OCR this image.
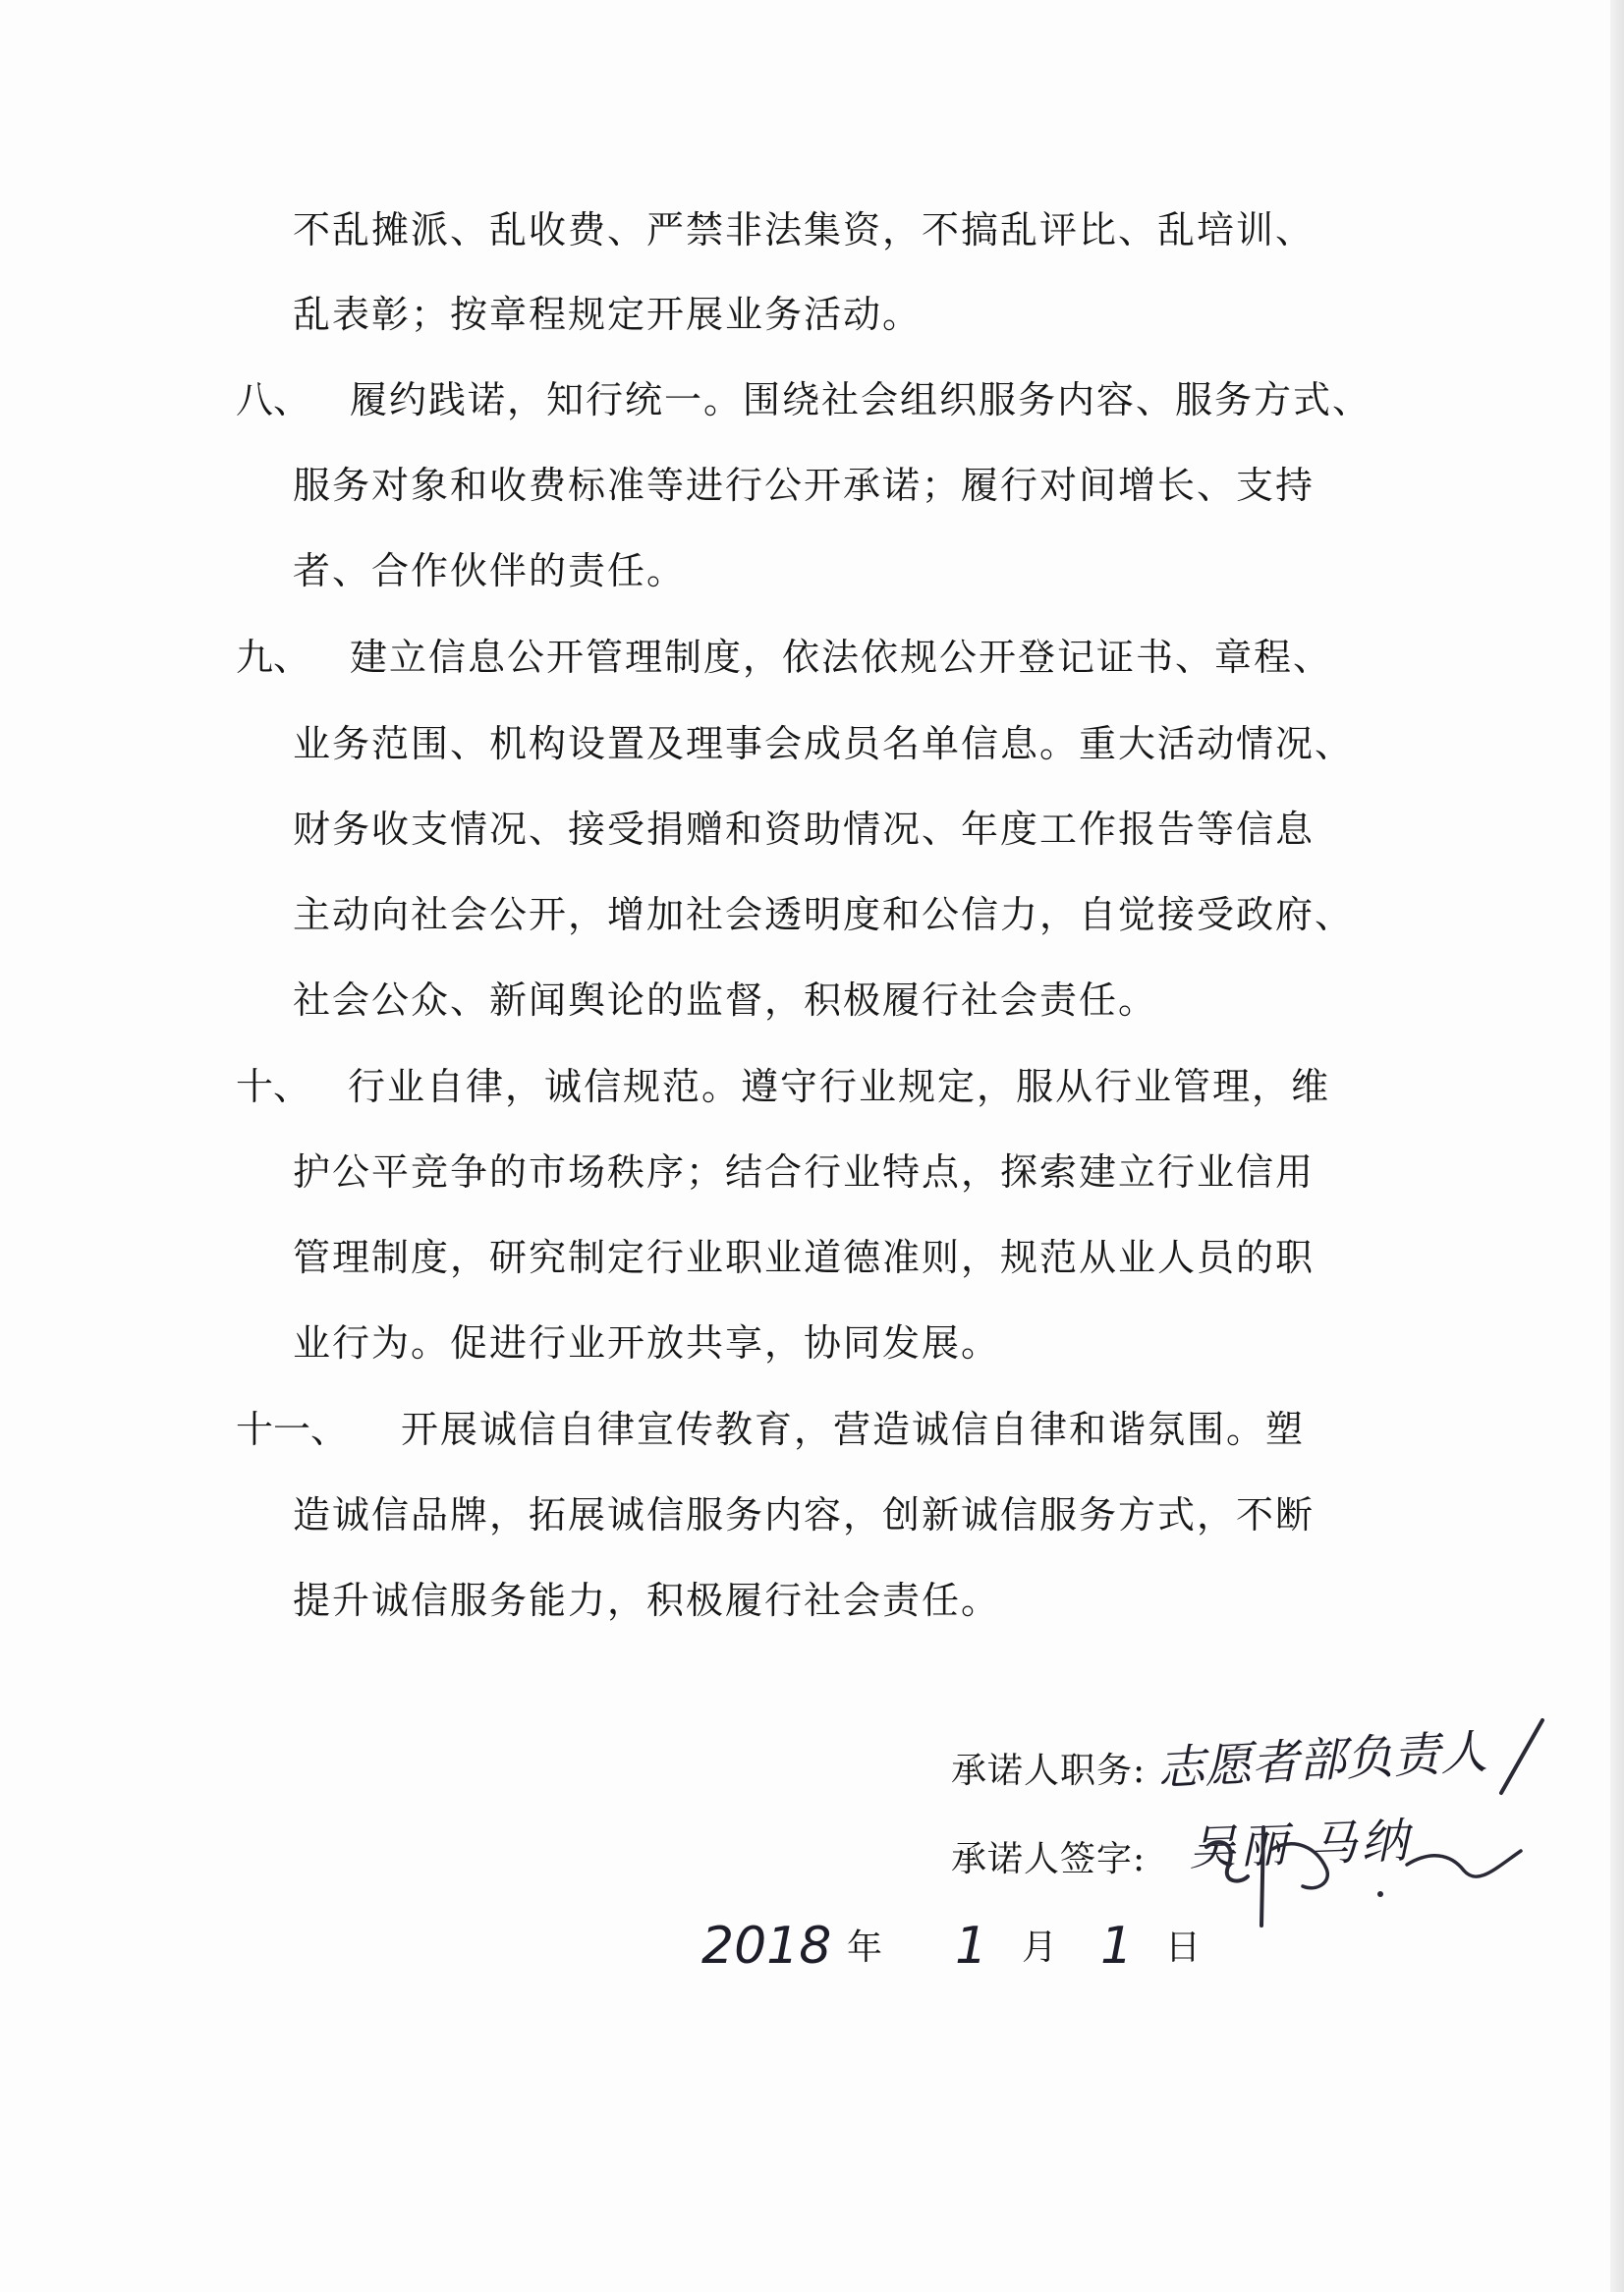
不乱摊派、乱收费、严禁非法集资，不搞乱评比、乱培训、
乱表彰；按章程规定开展业务活动。
八、 履约践诺，知行统一。围绕社会组织服务内容、服务方式、
服务对象和收费标准等进行公开承诺；履行对间增长、支持
者、合作伙伴的责任。
九、 建立信息公开管理制度，依法依规公开登记证书、章程、
业务范围、机构设置及理事会成员名单信息。重大活动情况、
财务收支情况、接受捐赠和资助情况、年度工作报告等信息
主动向社会公开，增加社会透明度和公信力，自觉接受政府、
社会公众、新闻舆论的监督，积极履行社会责任。
十、 行业自律，诚信规范。遵守行业规定，服从行业管理，维
护公平竞争的市场秩序；结合行业特点，探索建立行业信用
管理制度，研究制定行业职业道德准则，规范从业人员的职
业行为。促进行业开放共享，协同发展。
十一、 开展诚信自律宣传教育，营造诚信自律和谐氛围。塑
造诚信品牌，拓展诚信服务内容，创新诚信服务方式，不断
提升诚信服务能力，积极履行社会责任。
承诺人职务: 志愿者部负责人
承诺人签字: 吴丽 马纳
2018 年 1 月 1 日
